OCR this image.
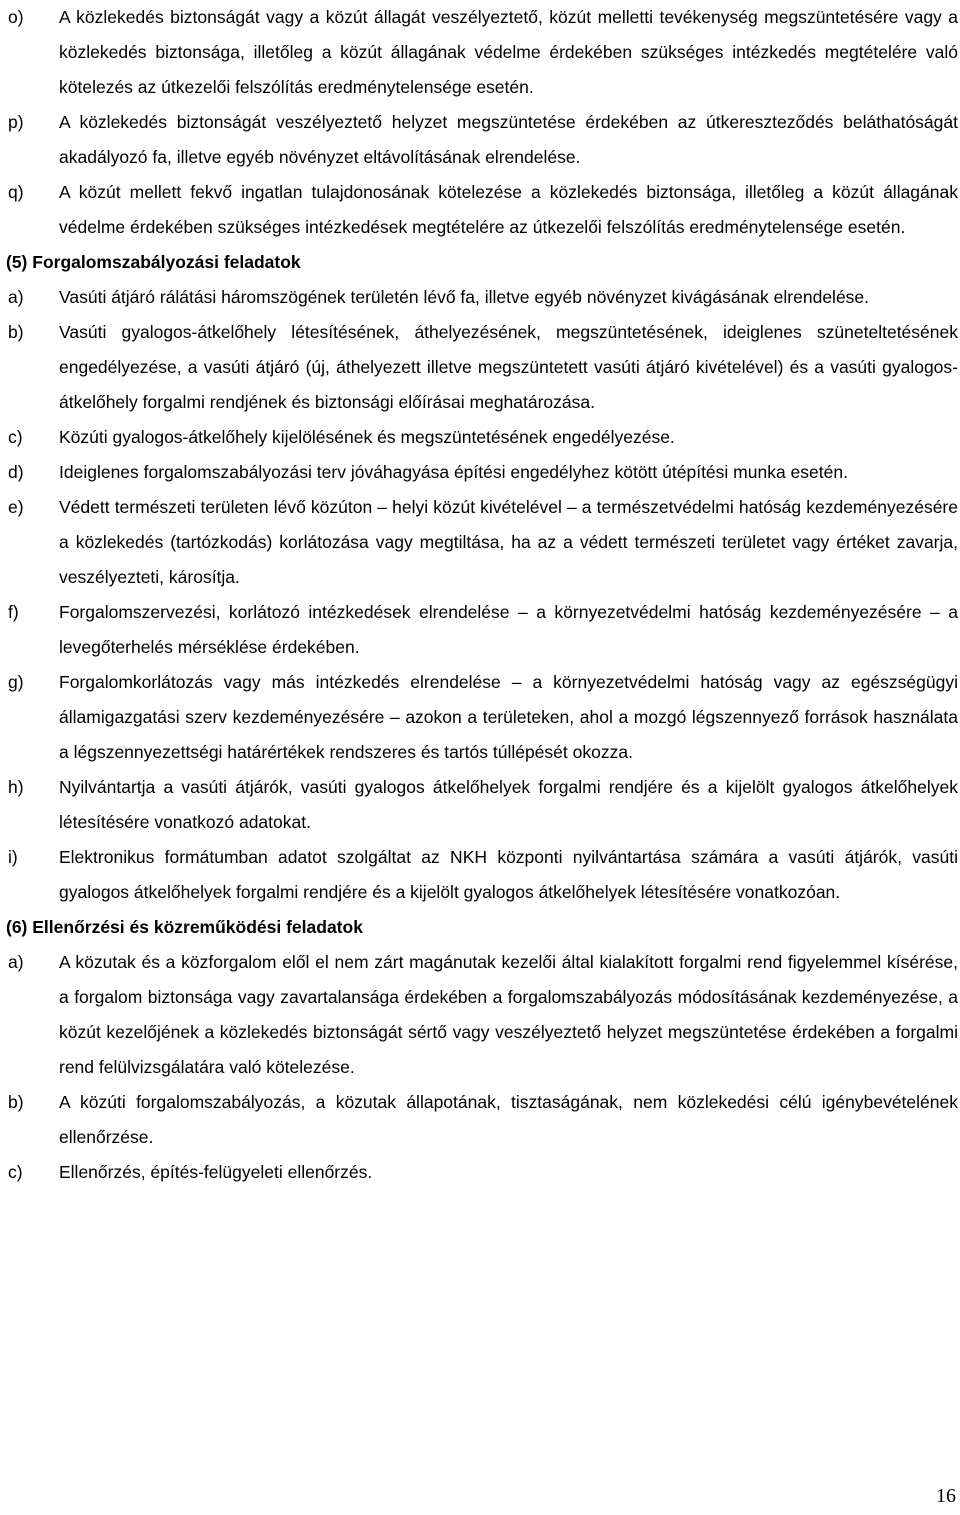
o)	A közlekedés biztonságát vagy a közút állagát veszélyeztető, közút melletti tevékenység megszüntetésére vagy a közlekedés biztonsága, illetőleg a közút állagának védelme érdekében szükséges intézkedés megtételére való kötelezés az útkezelői felszólítás eredménytelensége esetén.
p)	A közlekedés biztonságát veszélyeztető helyzet megszüntetése érdekében az útkereszteződés beláthatóságát akadályozó fa, illetve egyéb növényzet eltávolításának elrendelése.
q)	A közút mellett fekvő ingatlan tulajdonosának kötelezése a közlekedés biztonsága, illetőleg a közút állagának védelme érdekében szükséges intézkedések megtételére az útkezelői felszólítás eredménytelensége esetén.
(5) Forgalomszabályozási feladatok
a)	Vasúti átjáró rálátási háromszögének területén lévő fa, illetve egyéb növényzet kivágásának elrendelése.
b)	Vasúti gyalogos-átkelőhely létesítésének, áthelyezésének, megszüntetésének, ideiglenes szüneteltetésének engedélyezése, a vasúti átjáró (új, áthelyezett illetve megszüntetett vasúti átjáró kivételével) és a vasúti gyalogos-átkelőhely forgalmi rendjének és biztonsági előírásai meghatározása.
c)	Közúti gyalogos-átkelőhely kijelölésének és megszüntetésének engedélyezése.
d)	Ideiglenes forgalomszabályozási terv jóváhagyása építési engedélyhez kötött útépítési munka esetén.
e)	Védett természeti területen lévő közúton – helyi közút kivételével – a természetvédelmi hatóság kezdeményezésére a közlekedés (tartózkodás) korlátozása vagy megtiltása, ha az a védett természeti területet vagy értéket zavarja, veszélyezteti, károsítja.
f)	Forgalomszervezési, korlátozó intézkedések elrendelése – a környezetvédelmi hatóság kezdeményezésére – a levegőterhelés mérséklése érdekében.
g)	Forgalomkorlátozás vagy más intézkedés elrendelése – a környezetvédelmi hatóság vagy az egészségügyi államigazgatási szerv kezdeményezésére – azokon a területeken, ahol a mozgó légszennyező források használata a légszennyezettségi határértékek rendszeres és tartós túllépését okozza.
h)	Nyilvántartja a vasúti átjárók, vasúti gyalogos átkelőhelyek forgalmi rendjére és a kijelölt gyalogos átkelőhelyek létesítésére vonatkozó adatokat.
i)	Elektronikus formátumban adatot szolgáltat az NKH központi nyilvántartása számára a vasúti átjárók, vasúti gyalogos átkelőhelyek forgalmi rendjére és a kijelölt gyalogos átkelőhelyek létesítésére vonatkozóan.
(6) Ellenőrzési és közreműködési feladatok
a)	A közutak és a közforgalom elől el nem zárt magánutak kezelői által kialakított forgalmi rend figyelemmel kísérése, a forgalom biztonsága vagy zavartalansága érdekében a forgalomszabályozás módosításának kezdeményezése, a közút kezelőjének a közlekedés biztonságát sértő vagy veszélyeztető helyzet megszüntetése érdekében a forgalmi rend felülvizsgálatára való kötelezése.
b)	A közúti forgalomszabályozás, a közutak állapotának, tisztaságának, nem közlekedési célú igénybevételének ellenőrzése.
c)	Ellenőrzés, építés-felügyeleti ellenőrzés.
16
